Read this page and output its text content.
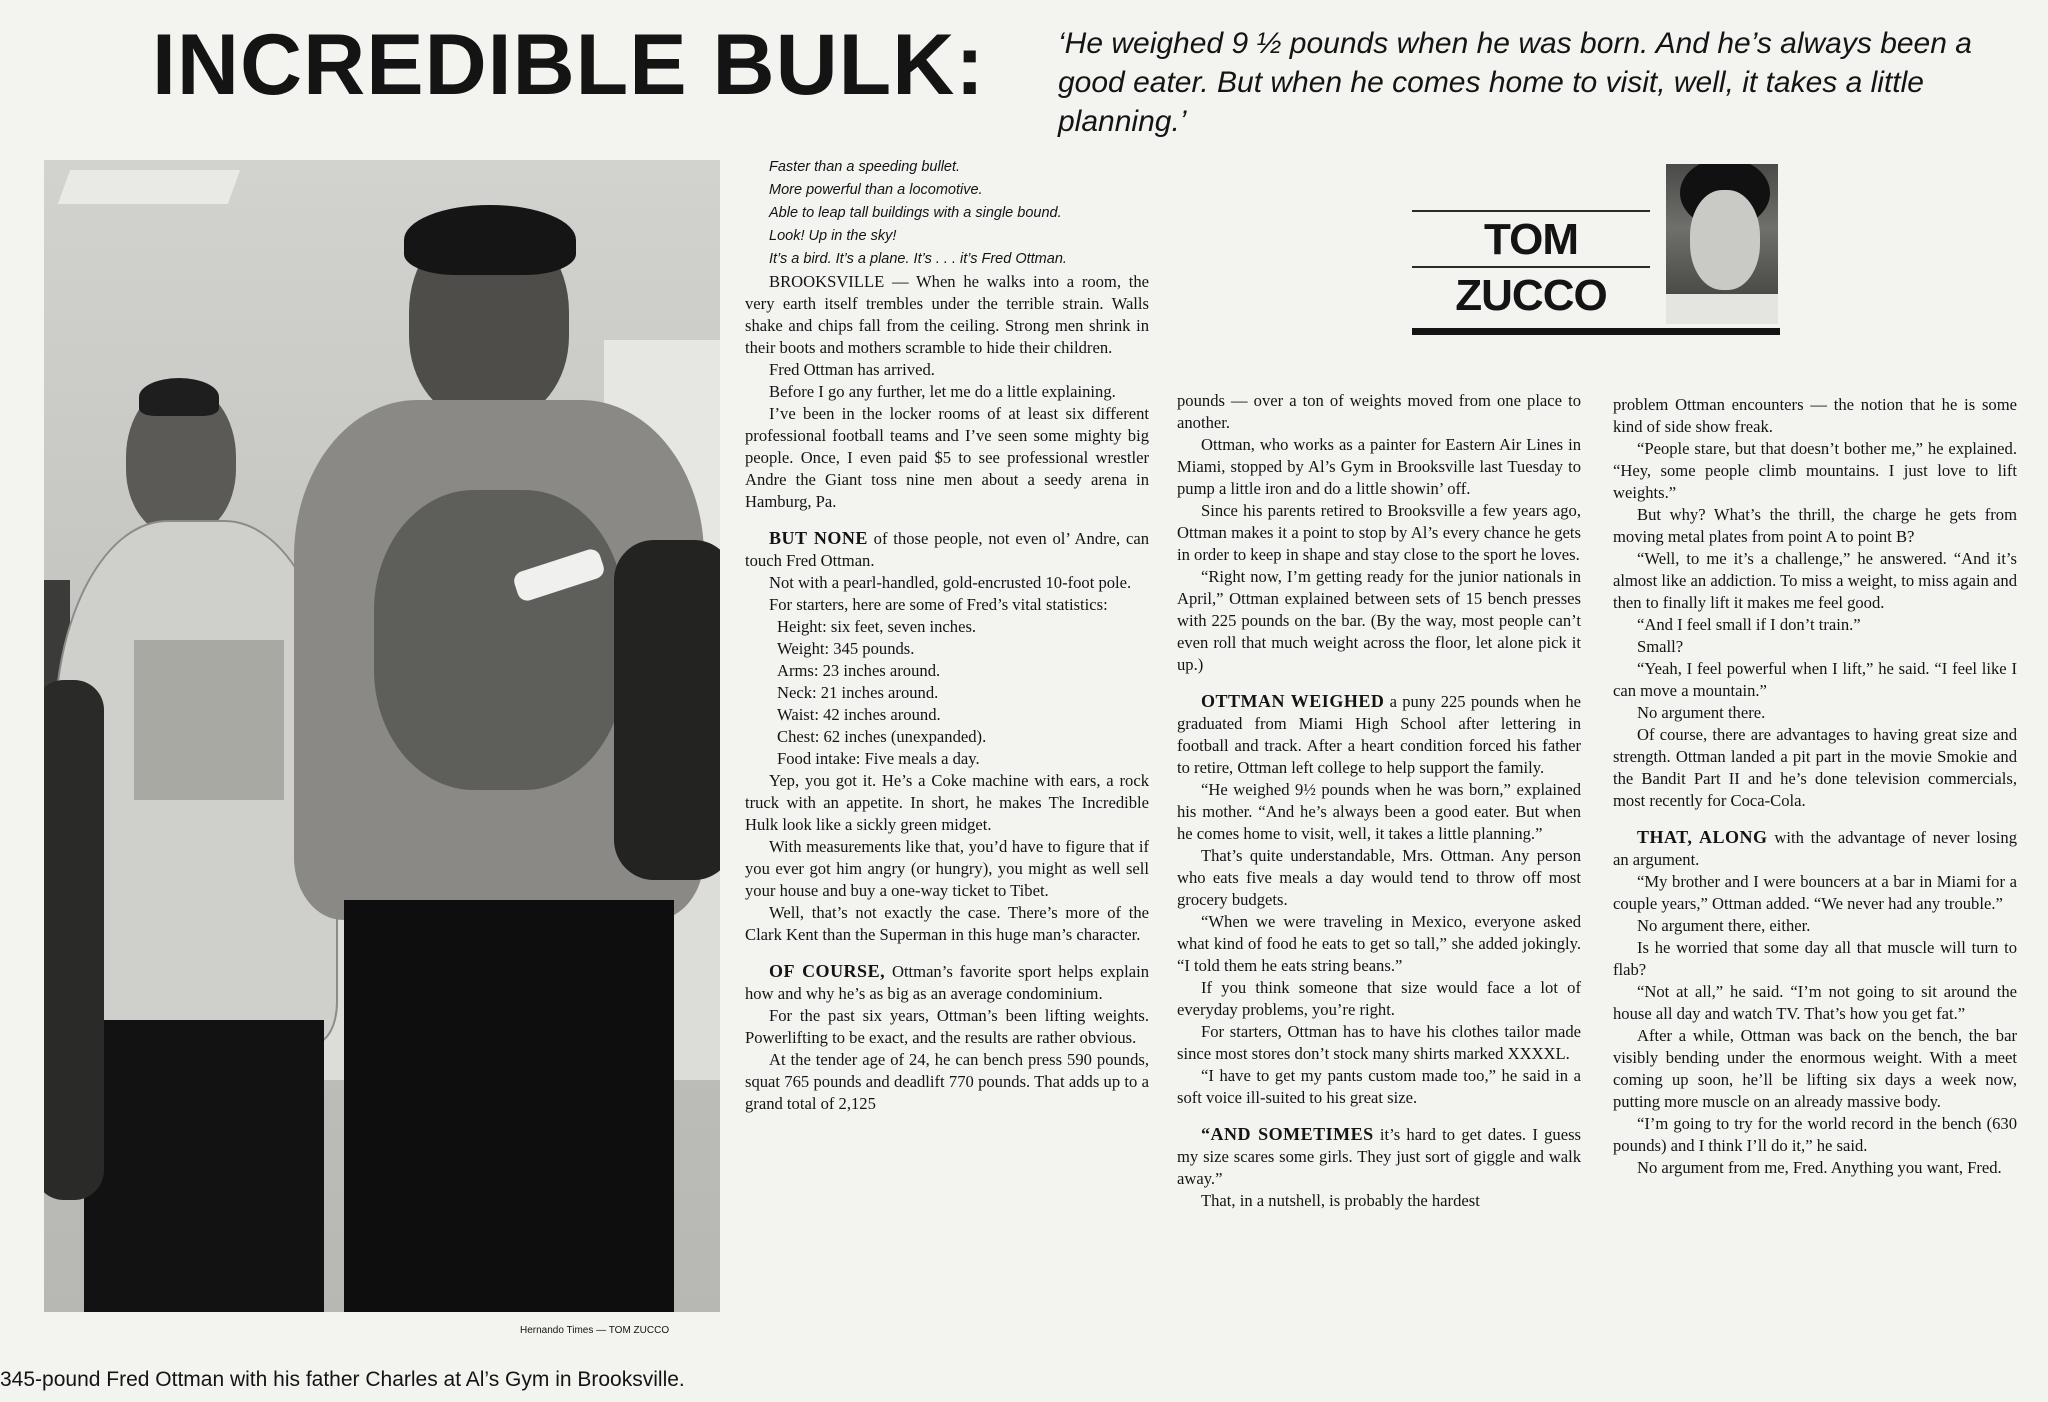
INCREDIBLE BULK: ‘He weighed 9 ½ pounds when he was born. And he’s always been a good eater. But when he comes home to visit, well, it takes a little planning.’

Hernando Times — TOM ZUCCO

345-pound Fred Ottman with his father Charles at Al’s Gym in Brooksville.

TOM

ZUCCO

Faster than a speeding bullet.

More powerful than a locomotive.

Able to leap tall buildings with a single bound.

Look! Up in the sky!

It’s a bird. It’s a plane. It’s . . . it’s Fred Ottman.

BROOKSVILLE — When he walks into a room, the very earth itself trembles under the terrible strain. Walls shake and chips fall from the ceiling. Strong men shrink in their boots and mothers scramble to hide their children.

Fred Ottman has arrived.

Before I go any further, let me do a little explaining.

I’ve been in the locker rooms of at least six different professional football teams and I’ve seen some mighty big people. Once, I even paid $5 to see professional wrestler Andre the Giant toss nine men about a seedy arena in Hamburg, Pa.

BUT NONE of those people, not even ol’ Andre, can touch Fred Ottman.

Not with a pearl-handled, gold-encrusted 10-foot pole.

For starters, here are some of Fred’s vital statistics:

Height: six feet, seven inches.

Weight: 345 pounds.

Arms: 23 inches around.

Neck: 21 inches around.

Waist: 42 inches around.

Chest: 62 inches (unexpanded).

Food intake: Five meals a day.

Yep, you got it. He’s a Coke machine with ears, a rock truck with an appetite. In short, he makes The Incredible Hulk look like a sickly green midget.

With measurements like that, you’d have to figure that if you ever got him angry (or hungry), you might as well sell your house and buy a one-way ticket to Tibet.

Well, that’s not exactly the case. There’s more of the Clark Kent than the Superman in this huge man’s character.

OF COURSE, Ottman’s favorite sport helps explain how and why he’s as big as an average condominium.

For the past six years, Ottman’s been lifting weights. Powerlifting to be exact, and the results are rather obvious.

At the tender age of 24, he can bench press 590 pounds, squat 765 pounds and deadlift 770 pounds. That adds up to a grand total of 2,125

pounds — over a ton of weights moved from one place to another.

Ottman, who works as a painter for Eastern Air Lines in Miami, stopped by Al’s Gym in Brooksville last Tuesday to pump a little iron and do a little showin’ off.

Since his parents retired to Brooksville a few years ago, Ottman makes it a point to stop by Al’s every chance he gets in order to keep in shape and stay close to the sport he loves.

“Right now, I’m getting ready for the junior nationals in April,” Ottman explained between sets of 15 bench presses with 225 pounds on the bar. (By the way, most people can’t even roll that much weight across the floor, let alone pick it up.)

OTTMAN WEIGHED a puny 225 pounds when he graduated from Miami High School after lettering in football and track. After a heart condition forced his father to retire, Ottman left college to help support the family.

“He weighed 9½ pounds when he was born,” explained his mother. “And he’s always been a good eater. But when he comes home to visit, well, it takes a little planning.”

That’s quite understandable, Mrs. Ottman. Any person who eats five meals a day would tend to throw off most grocery budgets.

“When we were traveling in Mexico, everyone asked what kind of food he eats to get so tall,” she added jokingly. “I told them he eats string beans.”

If you think someone that size would face a lot of everyday problems, you’re right.

For starters, Ottman has to have his clothes tailor made since most stores don’t stock many shirts marked XXXXL.

“I have to get my pants custom made too,” he said in a soft voice ill-suited to his great size.

“AND SOMETIMES it’s hard to get dates. I guess my size scares some girls. They just sort of giggle and walk away.”

That, in a nutshell, is probably the hardest

problem Ottman encounters — the notion that he is some kind of side show freak.

“People stare, but that doesn’t bother me,” he explained. “Hey, some people climb mountains. I just love to lift weights.”

But why? What’s the thrill, the charge he gets from moving metal plates from point A to point B?

“Well, to me it’s a challenge,” he answered. “And it’s almost like an addiction. To miss a weight, to miss again and then to finally lift it makes me feel good.

“And I feel small if I don’t train.”

Small?

“Yeah, I feel powerful when I lift,” he said. “I feel like I can move a mountain.”

No argument there.

Of course, there are advantages to having great size and strength. Ottman landed a pit part in the movie Smokie and the Bandit Part II and he’s done television commercials, most recently for Coca-Cola.

THAT, ALONG with the advantage of never losing an argument.

“My brother and I were bouncers at a bar in Miami for a couple years,” Ottman added. “We never had any trouble.”

No argument there, either.

Is he worried that some day all that muscle will turn to flab?

“Not at all,” he said. “I’m not going to sit around the house all day and watch TV. That’s how you get fat.”

After a while, Ottman was back on the bench, the bar visibly bending under the enormous weight. With a meet coming up soon, he’ll be lifting six days a week now, putting more muscle on an already massive body.

“I’m going to try for the world record in the bench (630 pounds) and I think I’ll do it,” he said.

No argument from me, Fred. Anything you want, Fred.
